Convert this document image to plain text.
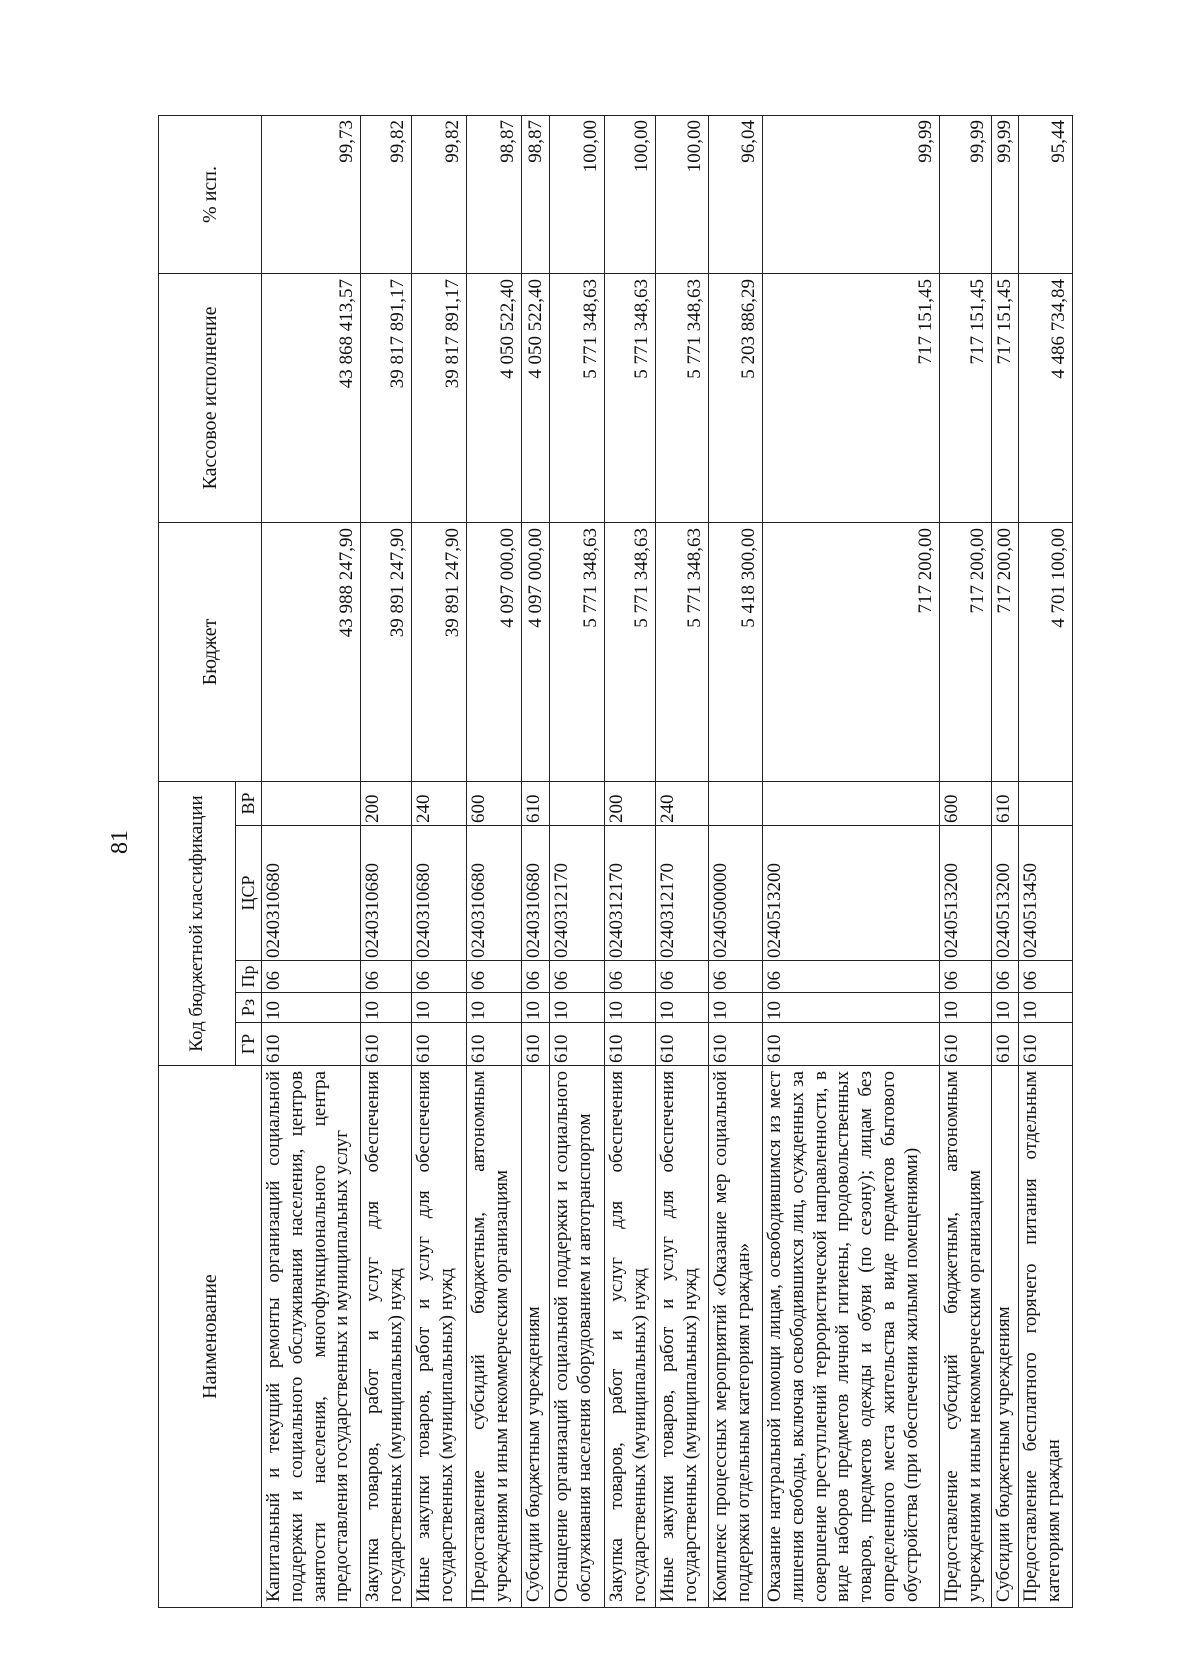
81
Наименование	Код бюджетной классификации					Бюджет	Кассовое исполнение	% исп.
	ГР	Рз	Пр	ЦСР	ВР			
Капитальный и текущий ремонты организаций социальной поддержки и социального обслуживания населения, центров занятости населения, многофункционального центра предоставления государственных и муниципальных услуг	610	10	06	0240310680		43 988 247,90	43 868 413,57	99,73
Закупка товаров, работ и услуг для обеспечения государственных (муниципальных) нужд	610	10	06	0240310680	200	39 891 247,90	39 817 891,17	99,82
Иные закупки товаров, работ и услуг для обеспечения государственных (муниципальных) нужд	610	10	06	0240310680	240	39 891 247,90	39 817 891,17	99,82
Предоставление субсидий бюджетным, автономным учреждениям и иным некоммерческим организациям	610	10	06	0240310680	600	4 097 000,00	4 050 522,40	98,87
Субсидии бюджетным учреждениям	610	10	06	0240310680	610	4 097 000,00	4 050 522,40	98,87
Оснащение организаций социальной поддержки и социального обслуживания населения оборудованием и автотранспортом	610	10	06	0240312170		5 771 348,63	5 771 348,63	100,00
Закупка товаров, работ и услуг для обеспечения государственных (муниципальных) нужд	610	10	06	0240312170	200	5 771 348,63	5 771 348,63	100,00
Иные закупки товаров, работ и услуг для обеспечения государственных (муниципальных) нужд	610	10	06	0240312170	240	5 771 348,63	5 771 348,63	100,00
Комплекс процессных мероприятий «Оказание мер социальной поддержки отдельным категориям граждан»	610	10	06	0240500000		5 418 300,00	5 203 886,29	96,04
Оказание натуральной помощи лицам, освободившимся из мест лишения свободы, включая освободившихся лиц, осужденных за совершение преступлений террористической направленности, в виде наборов предметов личной гигиены, продовольственных товаров, предметов одежды и обуви (по сезону); лицам без определенного места жительства в виде предметов бытового обустройства (при обеспечении жилыми помещениями)	610	10	06	0240513200		717 200,00	717 151,45	99,99
Предоставление субсидий бюджетным, автономным учреждениям и иным некоммерческим организациям	610	10	06	0240513200	600	717 200,00	717 151,45	99,99
Субсидии бюджетным учреждениям	610	10	06	0240513200	610	717 200,00	717 151,45	99,99
Предоставление бесплатного горячего питания отдельным категориям граждан	610	10	06	0240513450		4 701 100,00	4 486 734,84	95,44
